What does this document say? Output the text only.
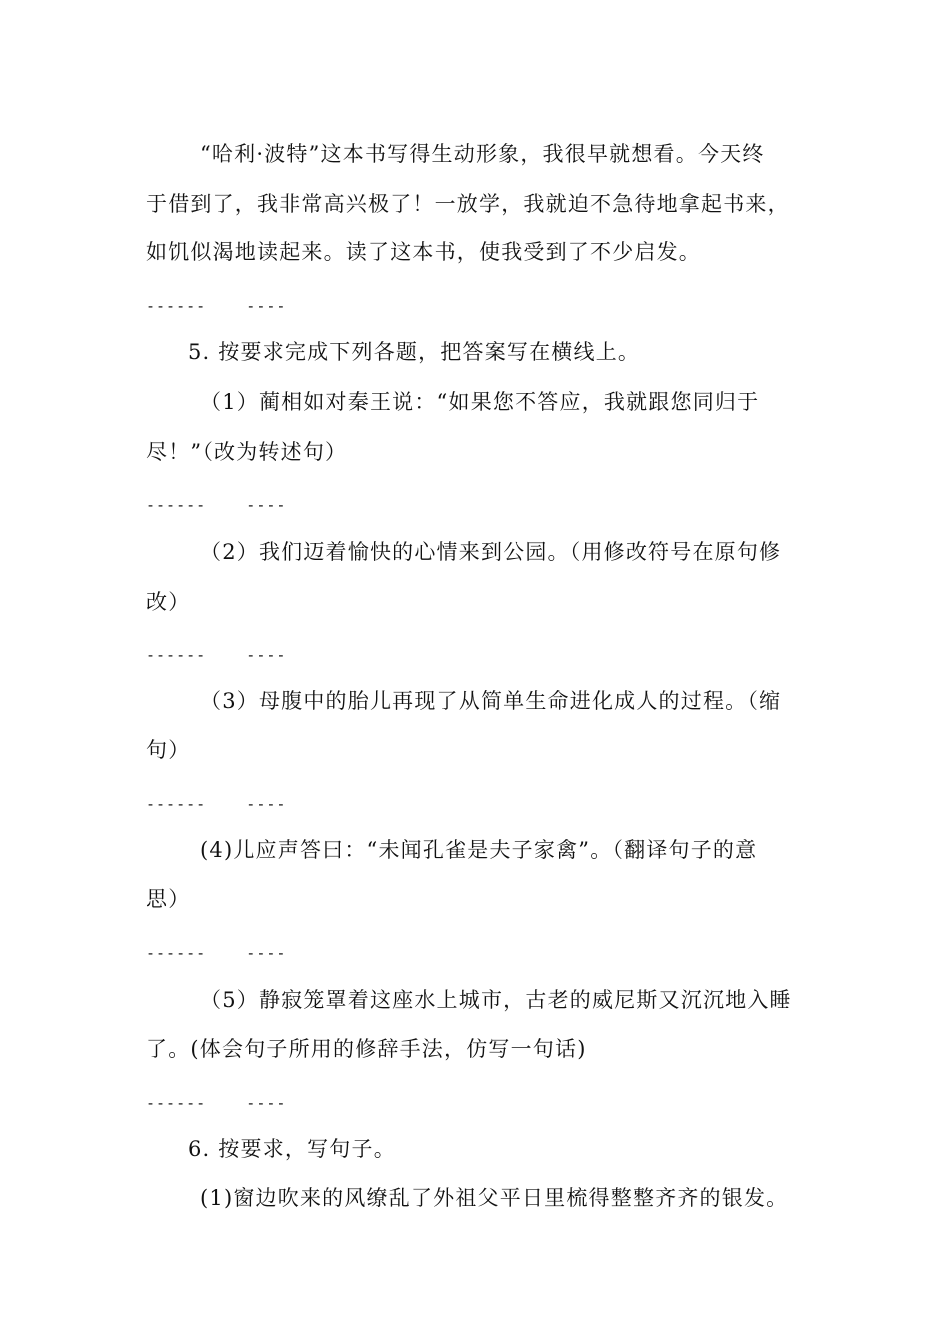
“哈利·波特”这本书写得生动形象，我很早就想看。今天终
于借到了，我非常高兴极了！一放学，我就迫不急待地拿起书来，
如饥似渴地读起来。读了这本书，使我受到了不少启发。
------    ----
5. 按要求完成下列各题，把答案写在横线上。
（1）蔺相如对秦王说：“如果您不答应，我就跟您同归于
尽！”（改为转述句）
------    ----
（2）我们迈着愉快的心情来到公园。（用修改符号在原句修
改）
------    ----
（3）母腹中的胎儿再现了从简单生命进化成人的过程。（缩
句）
------    ----
(4)儿应声答曰：“未闻孔雀是夫子家禽”。（翻译句子的意
思）
------    ----
（5）静寂笼罩着这座水上城市，古老的威尼斯又沉沉地入睡
了。(体会句子所用的修辞手法，仿写一句话)
------    ----
6. 按要求，写句子。
(1)窗边吹来的风缭乱了外祖父平日里梳得整整齐齐的银发。
